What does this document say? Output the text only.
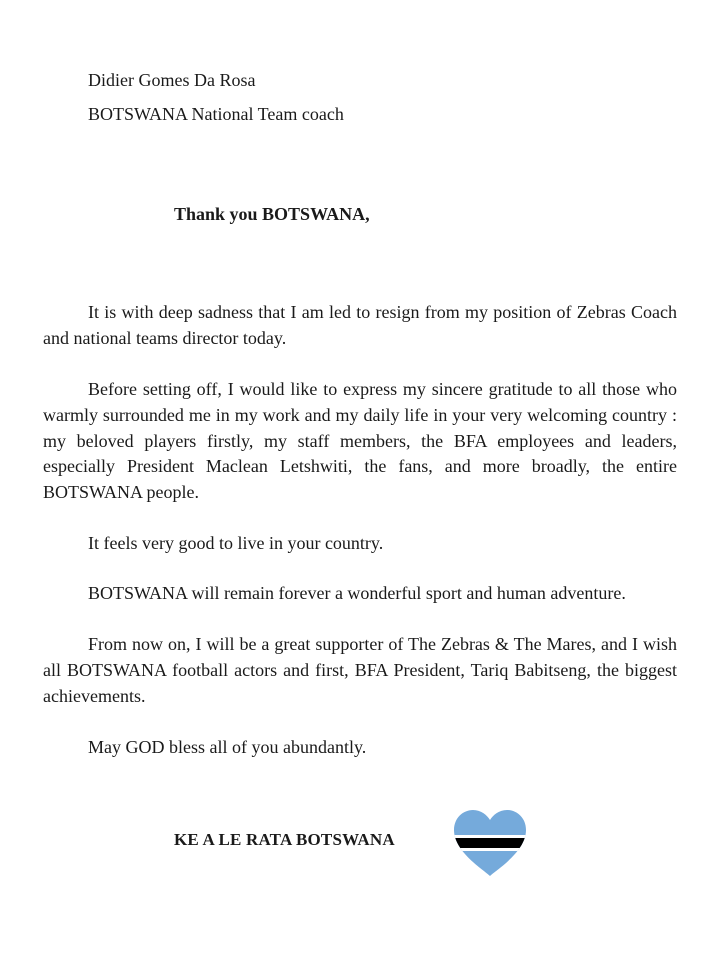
Didier Gomes Da Rosa
BOTSWANA National Team coach
Thank you BOTSWANA,

It is with deep sadness that I am led to resign from my position of Zebras Coach and national teams director today.

Before setting off, I would like to express my sincere gratitude to all those who warmly surrounded me in my work and my daily life in your very welcoming country : my beloved players firstly, my staff members, the BFA employees and leaders, especially President Maclean Letshwiti, the fans, and more broadly, the entire BOTSWANA people.

It feels very good to live in your country.

BOTSWANA will remain forever a wonderful sport and human adventure.

From now on, I will be a great supporter of The Zebras & The Mares, and I wish all BOTSWANA football actors and first, BFA President, Tariq Babitseng, the biggest achievements.

May GOD bless all of you abundantly.

KE A LE RATA BOTSWANA
